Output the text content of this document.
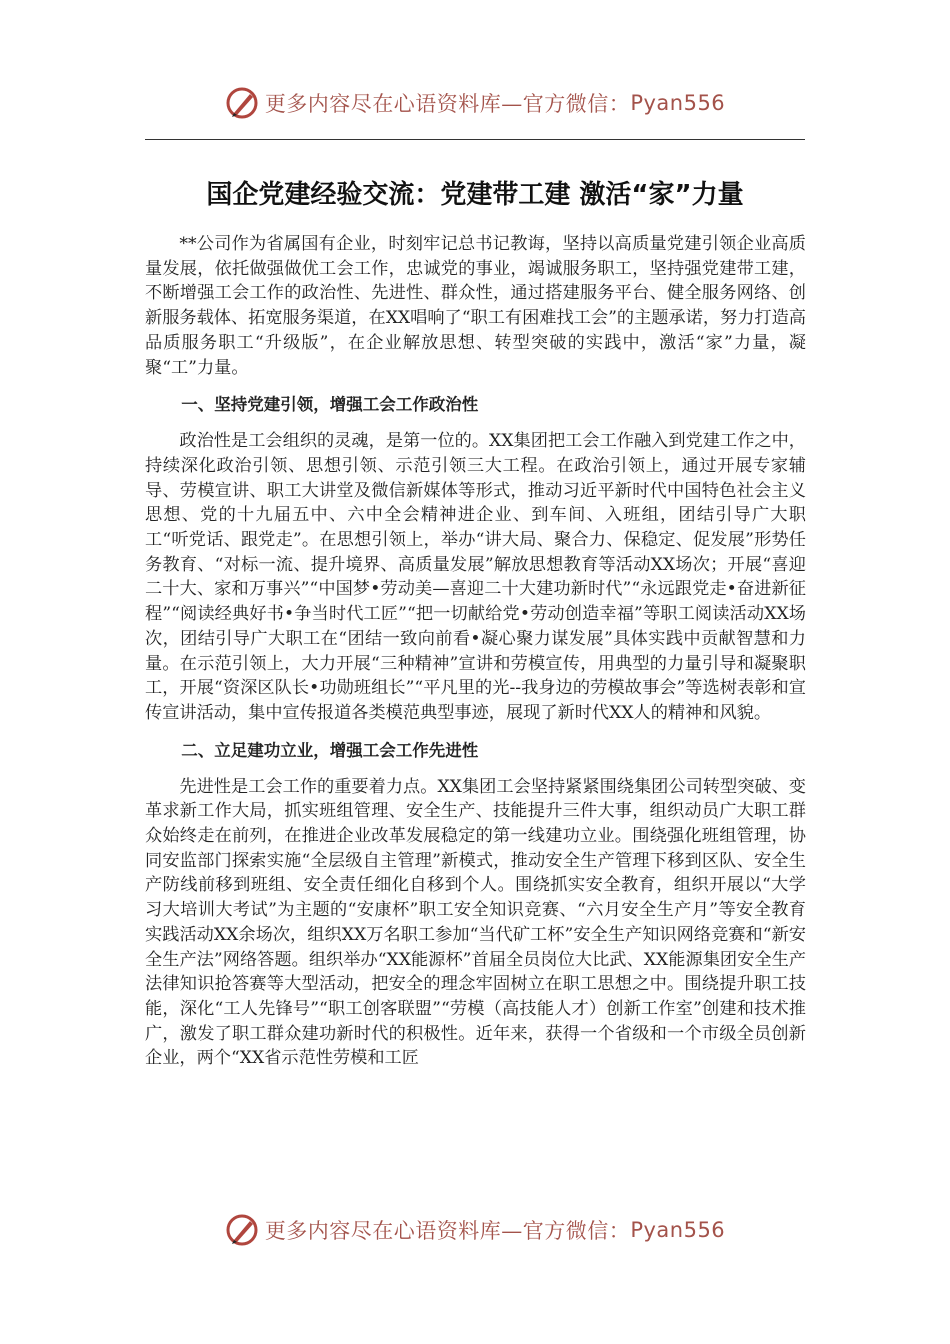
更多内容尽在心语资料库—官方微信： Pyan556
国企党建经验交流：党建带工建 激活“家”力量

**公司作为省属国有企业，时刻牢记总书记教诲，坚持以高质量党建引领企业高质量发展，依托做强做优工会工作，忠诚党的事业，竭诚服务职工，坚持强党建带工建，不断增强工会工作的政治性、先进性、群众性，通过搭建服务平台、健全服务网络、创新服务载体、拓宽服务渠道，在XX唱响了“职工有困难找工会”的主题承诺，努力打造高品质服务职工“升级版”，在企业解放思想、转型突破的实践中，激活“家”力量，凝聚“工”力量。

一、坚持党建引领，增强工会工作政治性

政治性是工会组织的灵魂，是第一位的。XX集团把工会工作融入到党建工作之中，持续深化政治引领、思想引领、示范引领三大工程。在政治引领上，通过开展专家辅导、劳模宣讲、职工大讲堂及微信新媒体等形式，推动习近平新时代中国特色社会主义思想、党的十九届五中、六中全会精神进企业、到车间、入班组，团结引导广大职工“听党话、跟党走”。在思想引领上，举办“讲大局、聚合力、保稳定、促发展”形势任务教育、“对标一流、提升境界、高质量发展”解放思想教育等活动XX场次；开展“喜迎二十大、家和万事兴”“中国梦•劳动美—喜迎二十大建功新时代”“永远跟党走•奋进新征程”“阅读经典好书•争当时代工匠”“把一切献给党•劳动创造幸福”等职工阅读活动XX场次，团结引导广大职工在“团结一致向前看•凝心聚力谋发展”具体实践中贡献智慧和力量。在示范引领上，大力开展“三种精神”宣讲和劳模宣传，用典型的力量引导和凝聚职工，开展“资深区队长•功勋班组长”“平凡里的光--我身边的劳模故事会”等选树表彰和宣传宣讲活动，集中宣传报道各类模范典型事迹，展现了新时代XX人的精神和风貌。

二、立足建功立业，增强工会工作先进性

先进性是工会工作的重要着力点。XX集团工会坚持紧紧围绕集团公司转型突破、变革求新工作大局，抓实班组管理、安全生产、技能提升三件大事，组织动员广大职工群众始终走在前列，在推进企业改革发展稳定的第一线建功立业。围绕强化班组管理，协同安监部门探索实施“全层级自主管理”新模式，推动安全生产管理下移到区队、安全生产防线前移到班组、安全责任细化自移到个人。围绕抓实安全教育，组织开展以“大学习大培训大考试”为主题的“安康杯”职工安全知识竞赛、“六月安全生产月”等安全教育实践活动XX余场次，组织XX万名职工参加“当代矿工杯”安全生产知识网络竞赛和“新安全生产法”网络答题。组织举办“XX能源杯”首届全员岗位大比武、XX能源集团安全生产法律知识抢答赛等大型活动，把安全的理念牢固树立在职工思想之中。围绕提升职工技能，深化“工人先锋号”“职工创客联盟”“劳模（高技能人才）创新工作室”创建和技术推广，激发了职工群众建功新时代的积极性。近年来，获得一个省级和一个市级全员创新企业，两个“XX省示范性劳模和工匠

更多内容尽在心语资料库—官方微信： Pyan556
